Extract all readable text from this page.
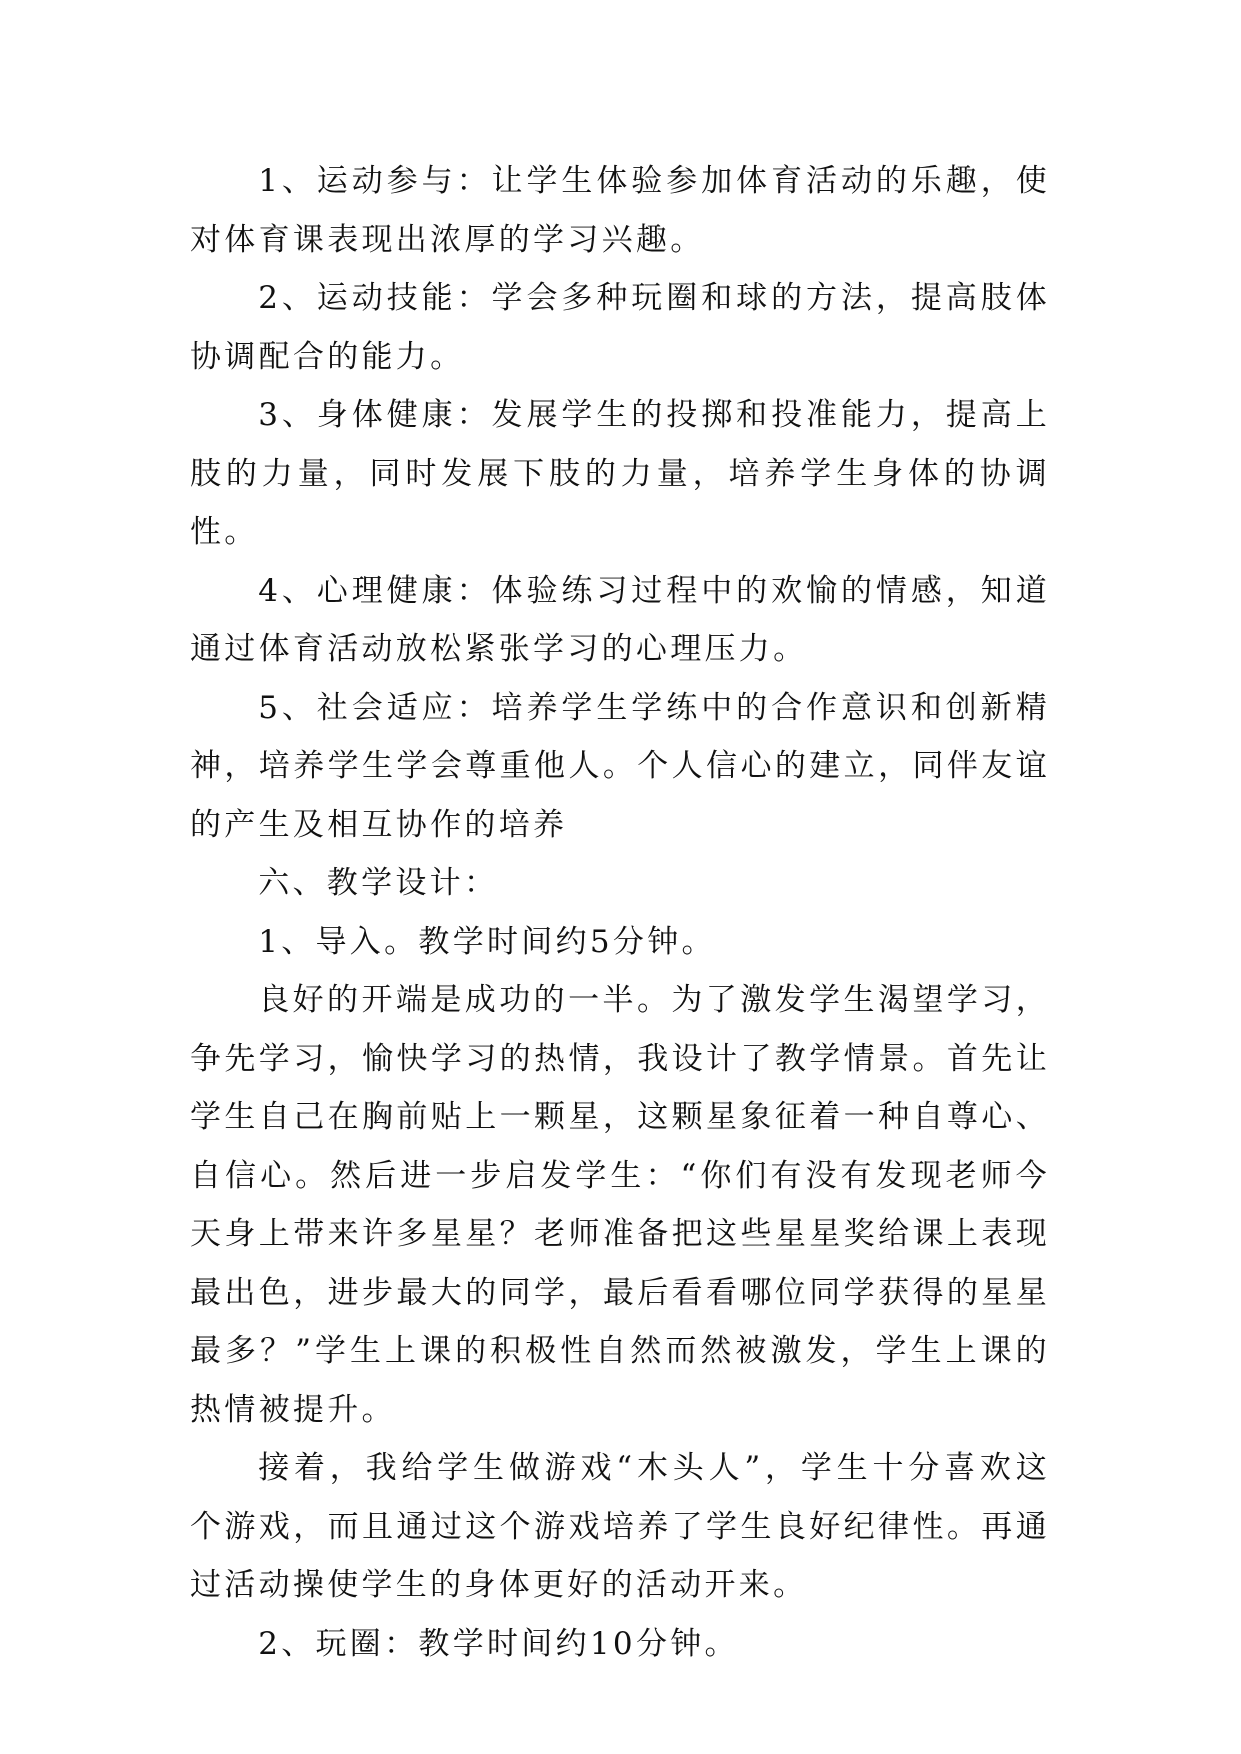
1、运动参与：让学生体验参加体育活动的乐趣，使对体育课表现出浓厚的学习兴趣。

2、运动技能：学会多种玩圈和球的方法，提高肢体协调配合的能力。

3、身体健康：发展学生的投掷和投准能力，提高上肢的力量，同时发展下肢的力量，培养学生身体的协调性。

4、心理健康：体验练习过程中的欢愉的情感，知道通过体育活动放松紧张学习的心理压力。

5、社会适应：培养学生学练中的合作意识和创新精神，培养学生学会尊重他人。个人信心的建立，同伴友谊的产生及相互协作的培养

六、教学设计：

1、导入。教学时间约5分钟。

良好的开端是成功的一半。为了激发学生渴望学习，争先学习，愉快学习的热情，我设计了教学情景。首先让学生自己在胸前贴上一颗星，这颗星象征着一种自尊心、自信心。然后进一步启发学生：“你们有没有发现老师今天身上带来许多星星？老师准备把这些星星奖给课上表现最出色，进步最大的同学，最后看看哪位同学获得的星星最多？”学生上课的积极性自然而然被激发，学生上课的热情被提升。

接着，我给学生做游戏“木头人”，学生十分喜欢这个游戏，而且通过这个游戏培养了学生良好纪律性。再通过活动操使学生的身体更好的活动开来。

2、玩圈：教学时间约10分钟。
